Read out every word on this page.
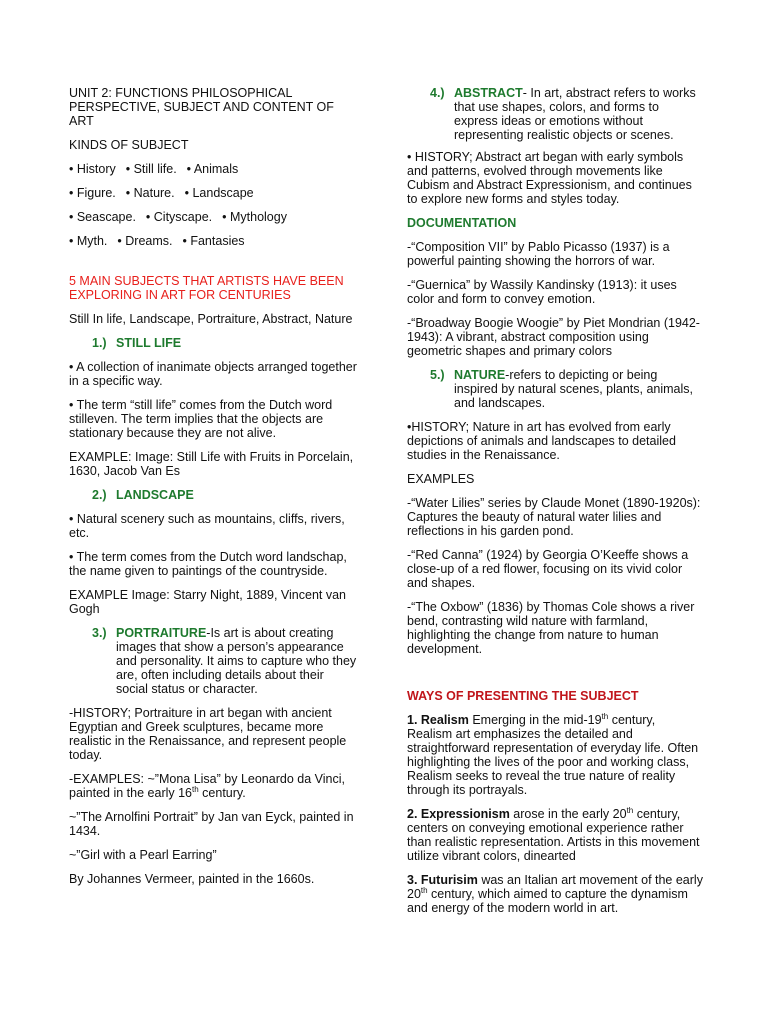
UNIT 2: FUNCTIONS PHILOSOPHICAL PERSPECTIVE, SUBJECT AND CONTENT OF ART

KINDS OF SUBJECT

• History • Still life. • Animals
• Figure. • Nature. • Landscape
• Seascape. • Cityscape. • Mythology
• Myth. • Dreams. • Fantasies

5 MAIN SUBJECTS THAT ARTISTS HAVE BEEN EXPLORING IN ART FOR CENTURIES

Still In life, Landscape, Portraiture, Abstract, Nature

1.) STILL LIFE

• A collection of inanimate objects arranged together in a specific way.

• The term “still life” comes from the Dutch word stilleven. The term implies that the objects are stationary because they are not alive.

EXAMPLE: Image: Still Life with Fruits in Porcelain, 1630, Jacob Van Es

2.) LANDSCAPE

• Natural scenery such as mountains, cliffs, rivers, etc.

• The term comes from the Dutch word landschap, the name given to paintings of the countryside.

EXAMPLE Image: Starry Night, 1889, Vincent van Gogh

3.) PORTRAITURE-Is art is about creating images that show a person’s appearance and personality. It aims to capture who they are, often including details about their social status or character.

-HISTORY; Portraiture in art began with ancient Egyptian and Greek sculptures, became more realistic in the Renaissance, and represent people today.

-EXAMPLES: ~”Mona Lisa” by Leonardo da Vinci, painted in the early 16th century.

~”The Arnolfini Portrait” by Jan van Eyck, painted in 1434.

~”Girl with a Pearl Earring”

By Johannes Vermeer, painted in the 1660s.

4.) ABSTRACT- In art, abstract refers to works that use shapes, colors, and forms to express ideas or emotions without representing realistic objects or scenes.

• HISTORY; Abstract art began with early symbols and patterns, evolved through movements like Cubism and Abstract Expressionism, and continues to explore new forms and styles today.

DOCUMENTATION

-“Composition VII” by Pablo Picasso (1937) is a powerful painting showing the horrors of war.

-“Guernica” by Wassily Kandinsky (1913): it uses color and form to convey emotion.

-“Broadway Boogie Woogie” by Piet Mondrian (1942-1943): A vibrant, abstract composition using geometric shapes and primary colors

5.) NATURE-refers to depicting or being inspired by natural scenes, plants, animals, and landscapes.

•HISTORY; Nature in art has evolved from early depictions of animals and landscapes to detailed studies in the Renaissance.

EXAMPLES

-“Water Lilies” series by Claude Monet (1890-1920s): Captures the beauty of natural water lilies and reflections in his garden pond.

-“Red Canna” (1924) by Georgia O’Keeffe shows a close-up of a red flower, focusing on its vivid color and shapes.

-“The Oxbow” (1836) by Thomas Cole shows a river bend, contrasting wild nature with farmland, highlighting the change from nature to human development.

WAYS OF PRESENTING THE SUBJECT

1. Realism Emerging in the mid-19th century, Realism art emphasizes the detailed and straightforward representation of everyday life. Often highlighting the lives of the poor and working class, Realism seeks to reveal the true nature of reality through its portrayals.

2. Expressionism arose in the early 20th century, centers on conveying emotional experience rather than realistic representation. Artists in this movement utilize vibrant colors, dinearted

3. Futurisim was an Italian art movement of the early 20th century, which aimed to capture the dynamism and energy of the modern world in art.
